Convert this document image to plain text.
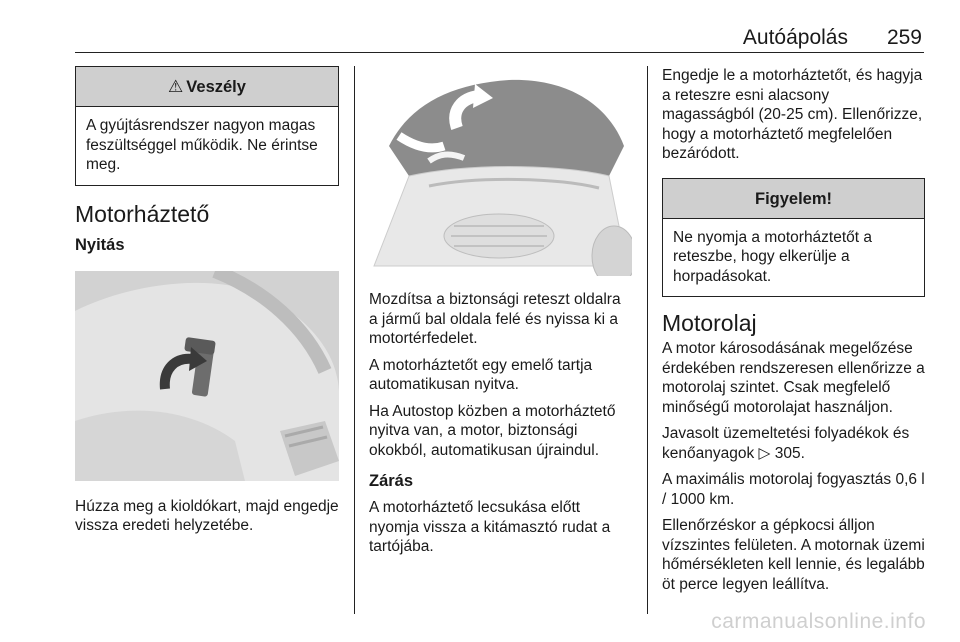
Autóápolás 259
⚠ Veszély
A gyújtásrendszer nagyon magas feszültséggel működik. Ne érintse meg.
Motorháztető
Nyitás

Húzza meg a kioldókart, majd engedje vissza eredeti helyzetébe.

Mozdítsa a biztonsági reteszt oldalra a jármű bal oldala felé és nyissa ki a motortérfedelet.

A motorháztetőt egy emelő tartja automatikusan nyitva.

Ha Autostop közben a motorháztető nyitva van, a motor, biztonsági okokból, automatikusan újraindul.

Zárás

A motorháztető lecsukása előtt nyomja vissza a kitámasztó rudat a tartójába.

Engedje le a motorháztetőt, és hagyja a reteszre esni alacsony magasságból (20-25 cm). Ellenőrizze, hogy a motorháztető megfelelően bezáródott.

Figyelem!
Ne nyomja a motorháztetőt a reteszbe, hogy elkerülje a horpadásokat.
Motorolaj

A motor károsodásának megelőzése érdekében rendszeresen ellenőrizze a motorolaj szintet. Csak megfelelő minőségű motorolajat használjon.

Javasolt üzemeltetési folyadékok és kenőanyagok ▷ 305.

A maximális motorolaj fogyasztás 0,6 l / 1000 km.

Ellenőrzéskor a gépkocsi álljon vízszintes felületen. A motornak üzemi hőmérsékleten kell lennie, és legalább öt perce legyen leállítva.

carmanualsonline.info
